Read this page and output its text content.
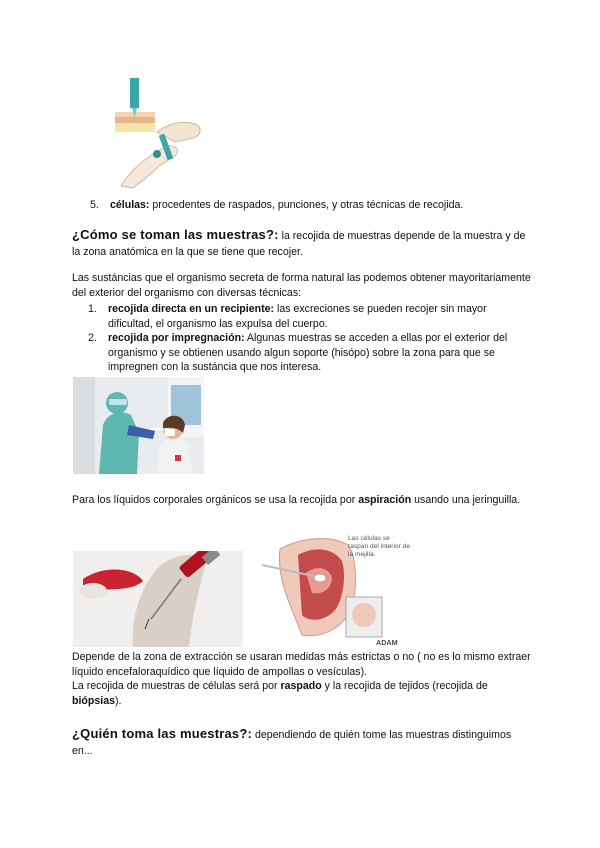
5. células: procedentes de raspados, punciones, y otras técnicas de recojida.

¿Cómo se toman las muestras?: la recojida de muestras depende de la muestra y de la zona anatómica en la que se tiene que recojer.

Las sustáncias que el organismo secreta de forma natural las podemos obtener mayoritariamente del exterior del organismo con diversas técnicas:

1. recojida directa en un recipiente: las excreciones se pueden recojer sin mayor dificultad, el organismo las expulsa del cuerpo.
2. recojida por impregnación: Algunas muestras se acceden a ellas por el exterior del organismo y se obtienen usando algun soporte (hisópo) sobre la zona para que se impregnen con la sustáncia que nos interesa.

Para los líquidos corporales orgánicos se usa la recojida por aspiración usando una jeringuilla.

Las células se raspan del interior de la mejilla.
ADAM

Depende de la zona de extracción se usaran medidas más estrictas o no ( no es lo mismo extraer líquido encefaloraquídico que líquido de ampollas o vesículas).
La recojida de muestras de células será por raspado y la recojida de tejidos (recojida de biópsias).

¿Quién toma las muestras?: dependiendo de quién tome las muestras distinguimos en...
